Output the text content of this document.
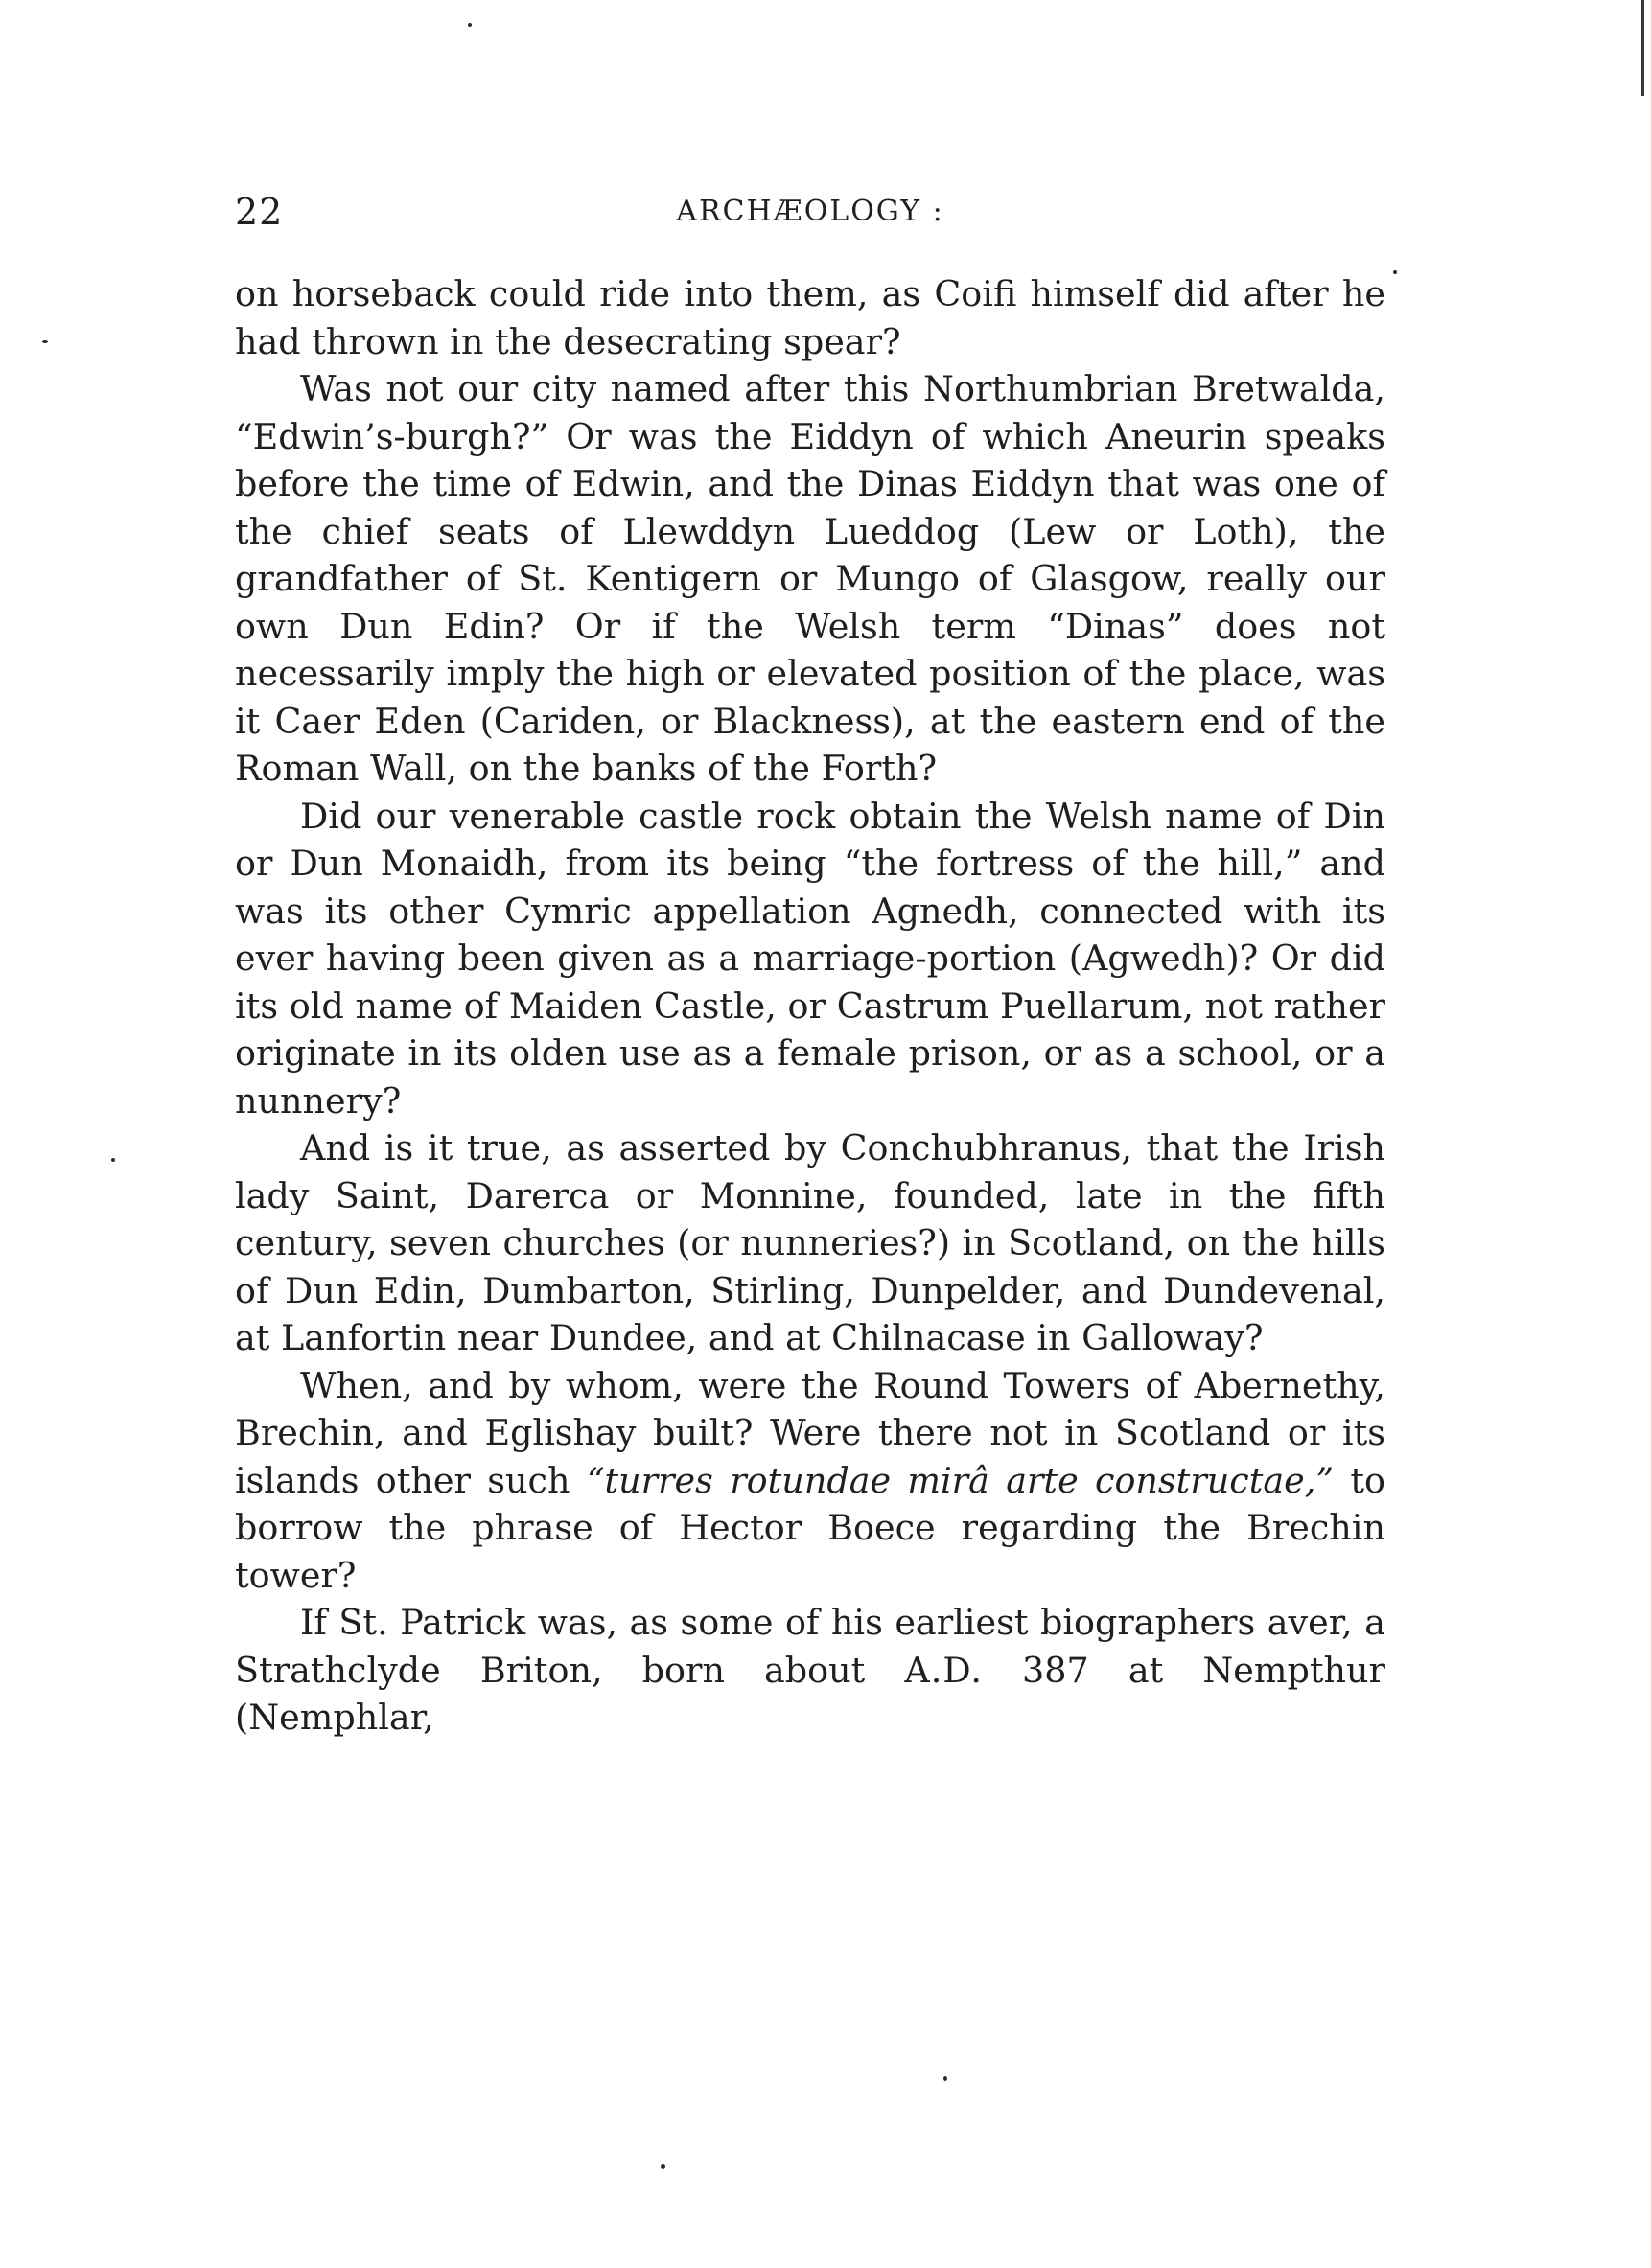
22	ARCHÆOLOGY :

on horseback could ride into them, as Coifi himself did after he had thrown in the desecrating spear?

Was not our city named after this Northumbrian Bretwalda, “Edwin’s-burgh?” Or was the Eiddyn of which Aneurin speaks before the time of Edwin, and the Dinas Eiddyn that was one of the chief seats of Llewddyn Lueddog (Lew or Loth), the grandfather of St. Kentigern or Mungo of Glasgow, really our own Dun Edin? Or if the Welsh term “Dinas” does not necessarily imply the high or elevated position of the place, was it Caer Eden (Cariden, or Blackness), at the eastern end of the Roman Wall, on the banks of the Forth?

Did our venerable castle rock obtain the Welsh name of Din or Dun Monaidh, from its being “the fortress of the hill,” and was its other Cymric appellation Agnedh, connected with its ever having been given as a marriage-portion (Agwedh)? Or did its old name of Maiden Castle, or Castrum Puellarum, not rather originate in its olden use as a female prison, or as a school, or a nunnery?

And is it true, as asserted by Conchubhranus, that the Irish lady Saint, Darerca or Monnine, founded, late in the fifth century, seven churches (or nunneries?) in Scotland, on the hills of Dun Edin, Dumbarton, Stirling, Dunpelder, and Dundevenal, at Lanfortin near Dundee, and at Chilnacase in Galloway?

When, and by whom, were the Round Towers of Abernethy, Brechin, and Eglishay built? Were there not in Scotland or its islands other such “turres rotundae mirâ arte constructae,” to borrow the phrase of Hector Boece regarding the Brechin tower?

If St. Patrick was, as some of his earliest biographers aver, a Strathclyde Briton, born about A.D. 387 at Nempthur (Nemphlar,
